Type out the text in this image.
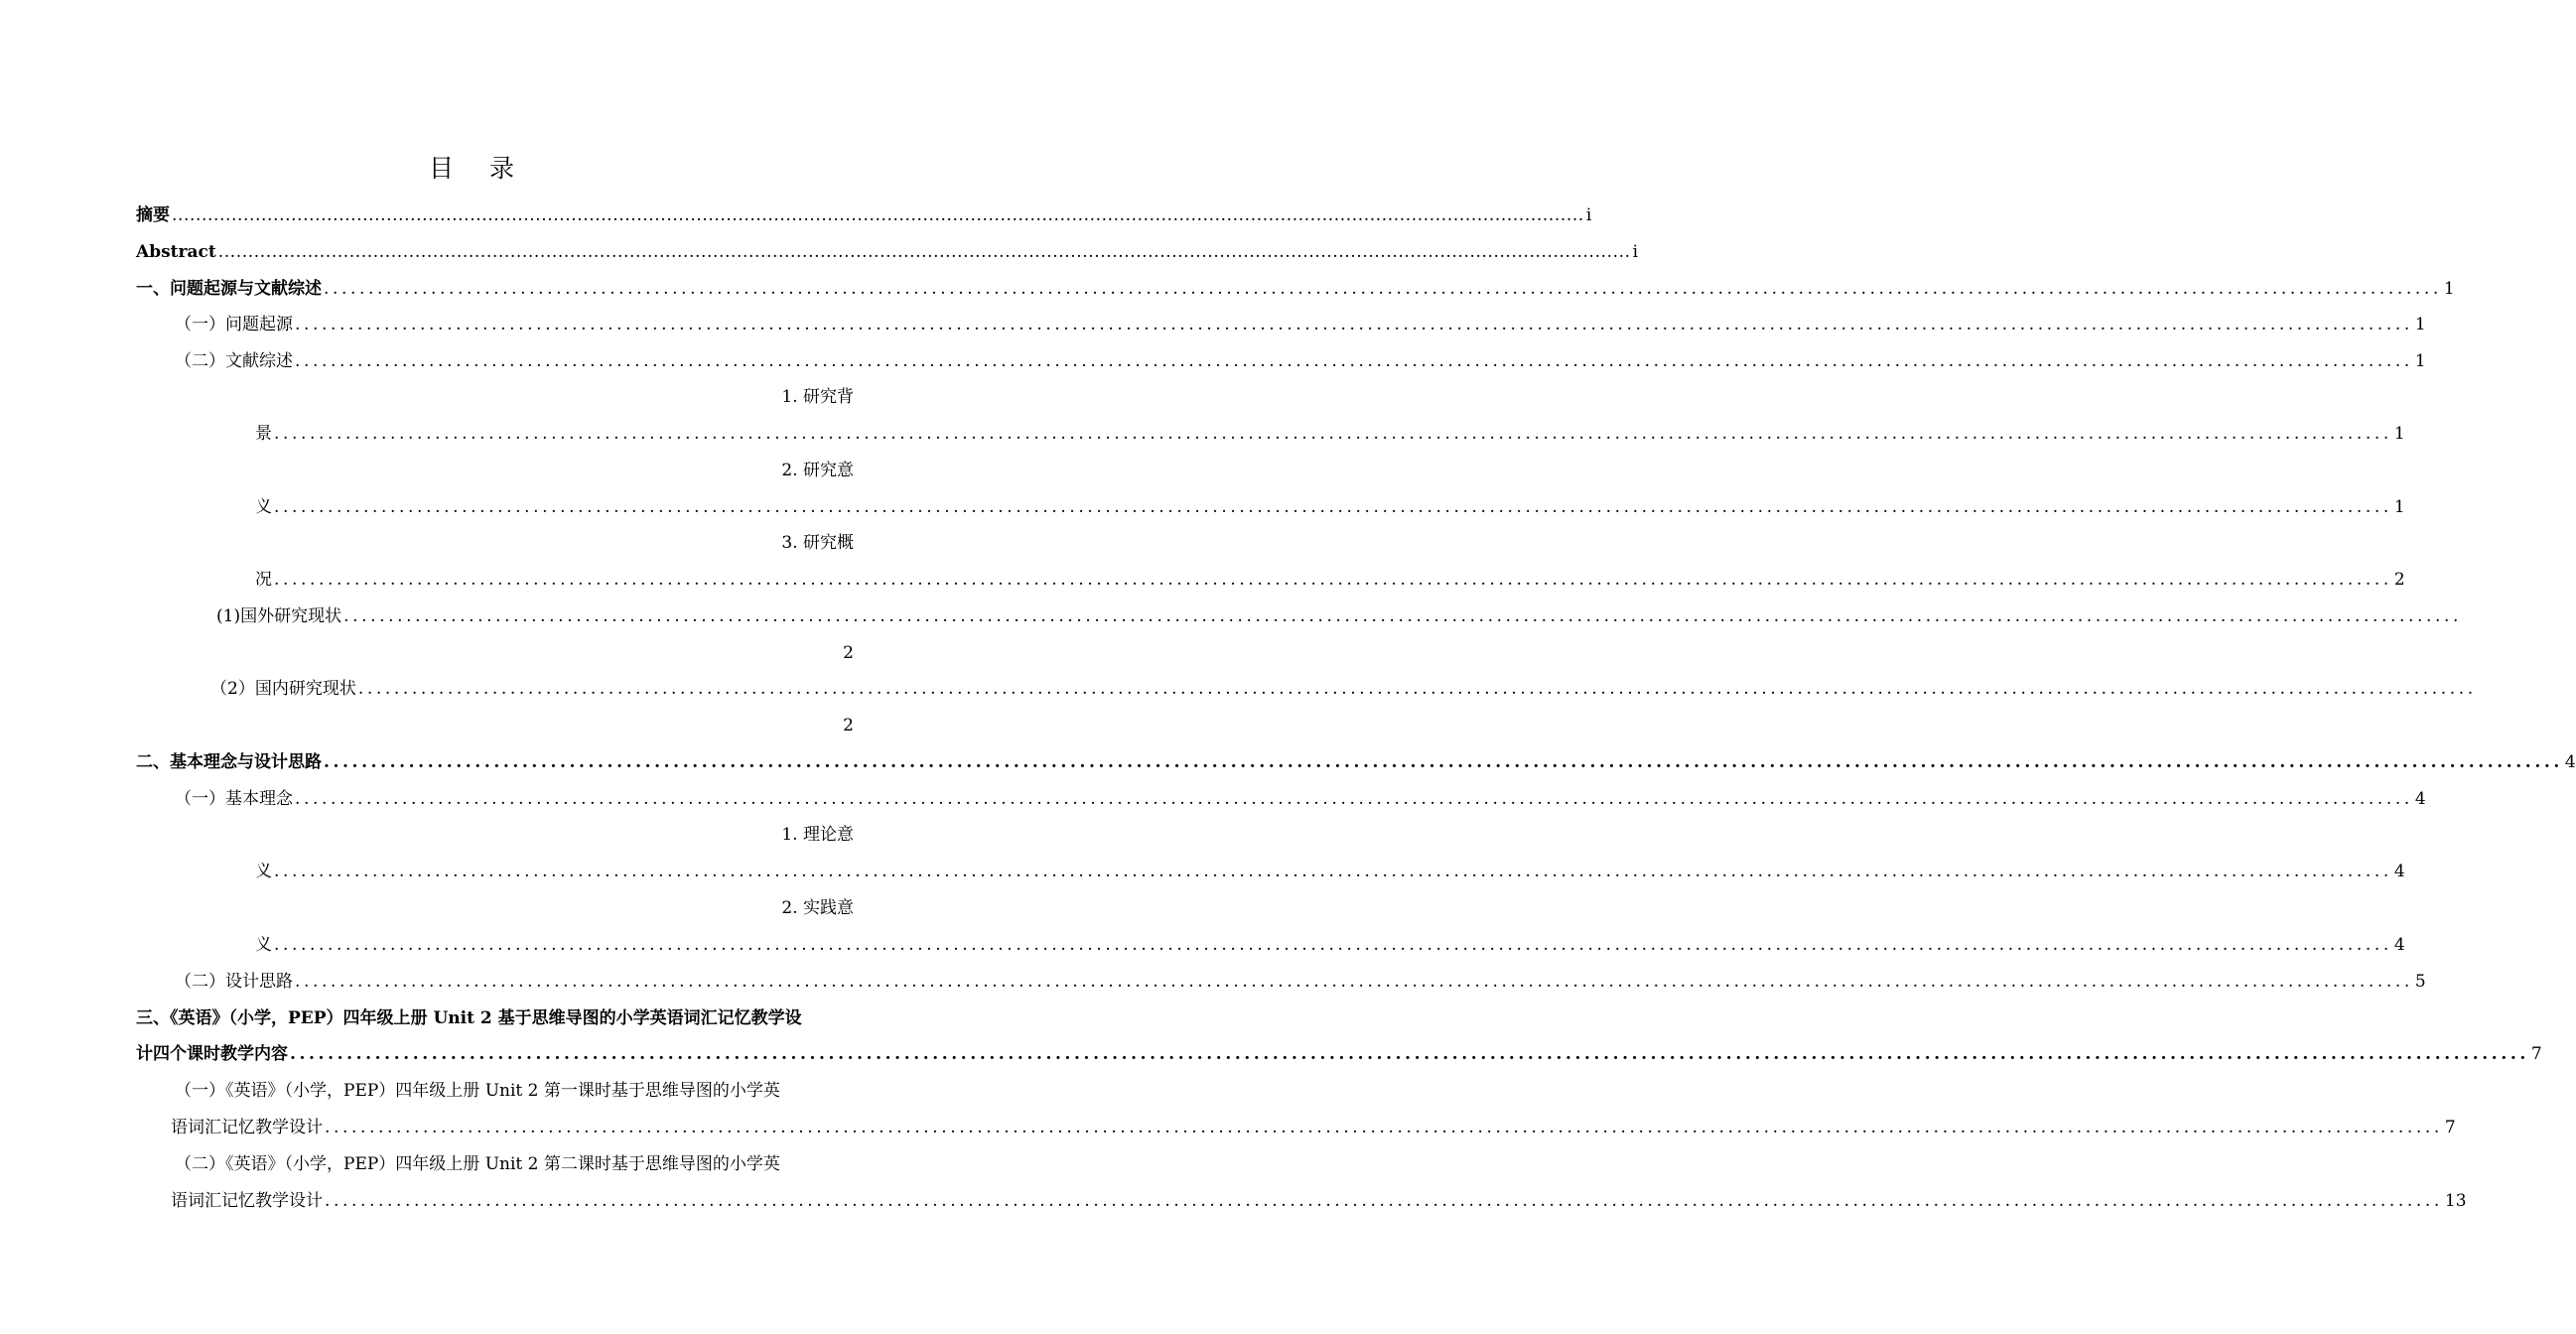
目 录
摘要 ............................................................................................................................................................................................................................................. i
Abstract ............................................................................................................................................................................................................................................. i
一、问题起源与文献综述 ............................................................................................................................................................................................................................................. 1
（一）问题起源 ............................................................................................................................................................................................................................................. 1
（二）文献综述 ............................................................................................................................................................................................................................................. 1
1. 研究背
景 ............................................................................................................................................................................................................................................. 1
2. 研究意
义 ............................................................................................................................................................................................................................................. 1
3. 研究概
况 ............................................................................................................................................................................................................................................. 2
(1)国外研究现状 .............................................................................................................................................................................................................................................
2
（2）国内研究现状 .............................................................................................................................................................................................................................................
2
二、基本理念与设计思路 ............................................................................................................................................................................................................................................. 4
（一）基本理念 ............................................................................................................................................................................................................................................. 4
1. 理论意
义 ............................................................................................................................................................................................................................................. 4
2. 实践意
义 ............................................................................................................................................................................................................................................. 4
（二）设计思路 ............................................................................................................................................................................................................................................. 5
三、《英语》（小学，PEP）四年级上册 Unit 2 基于思维导图的小学英语词汇记忆教学设
计四个课时教学内容 ............................................................................................................................................................................................................................................. 7
（一）《英语》（小学，PEP）四年级上册 Unit 2 第一课时基于思维导图的小学英
语词汇记忆教学设计 ............................................................................................................................................................................................................................................. 7
（二）《英语》（小学，PEP）四年级上册 Unit 2 第二课时基于思维导图的小学英
语词汇记忆教学设计 ............................................................................................................................................................................................................................................. 13
